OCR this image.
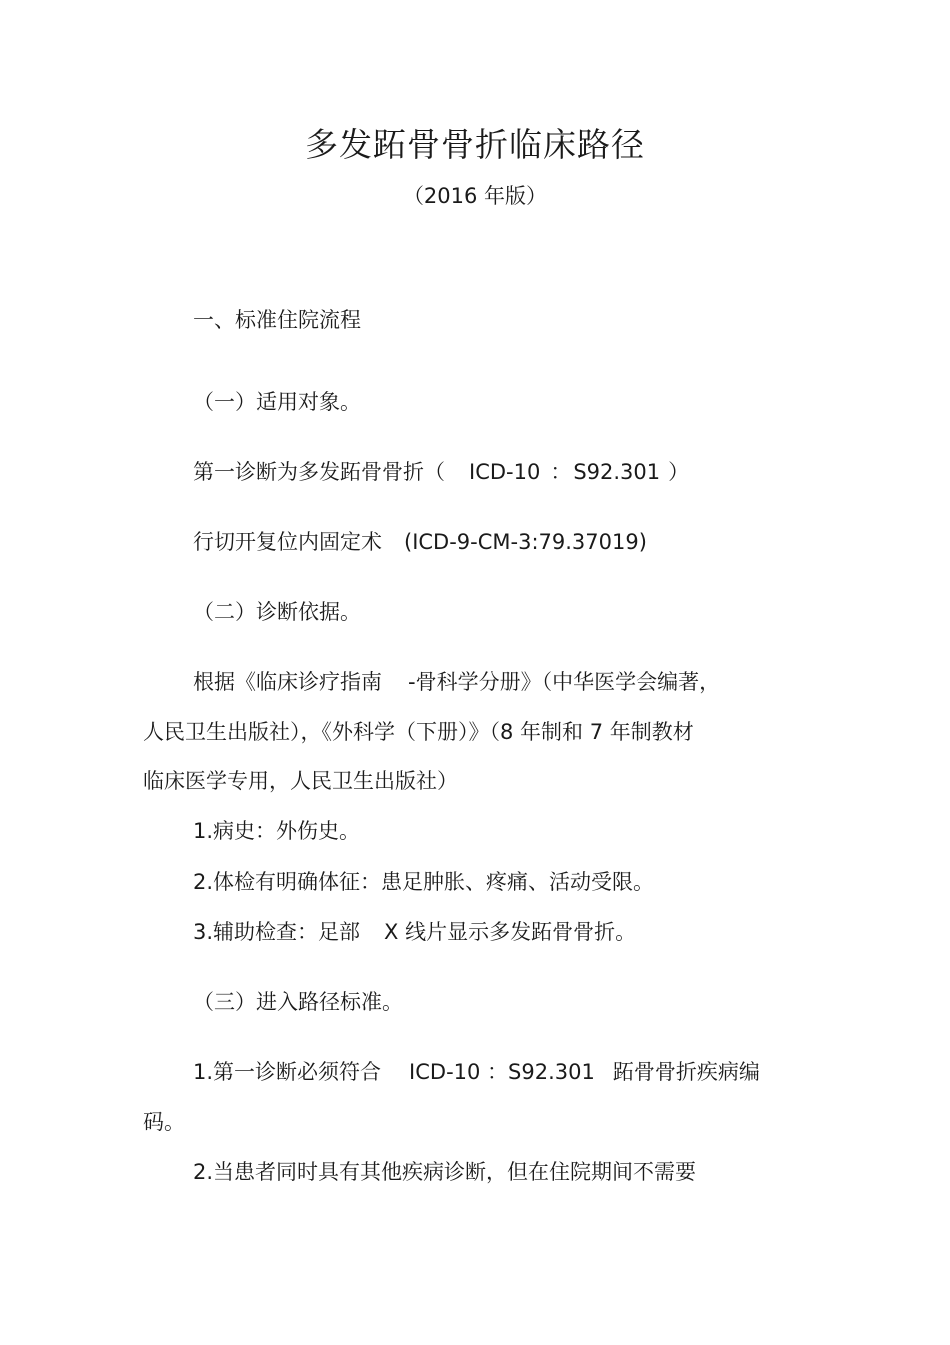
多发跖骨骨折临床路径
（2016 年版）
一、标准住院流程
（一）适用对象。
第一诊断为多发跖骨骨折（ ICD-10 ：S92.301 ）
行切开复位内固定术 (ICD-9-CM-3:79.37019)
（二）诊断依据。
根据《临床诊疗指南 -骨科学分册》（中华医学会编著，
人民卫生出版社），《外科学（下册）》（8 年制和 7 年制教材
临床医学专用，人民卫生出版社）
1.病史：外伤史。
2.体检有明确体征：患足肿胀、疼痛、活动受限。
3.辅助检查：足部 X 线片显示多发跖骨骨折。
（三）进入路径标准。
1.第一诊断必须符合 ICD-10 ：S92.301 跖骨骨折疾病编
码。
2.当患者同时具有其他疾病诊断，但在住院期间不需要
